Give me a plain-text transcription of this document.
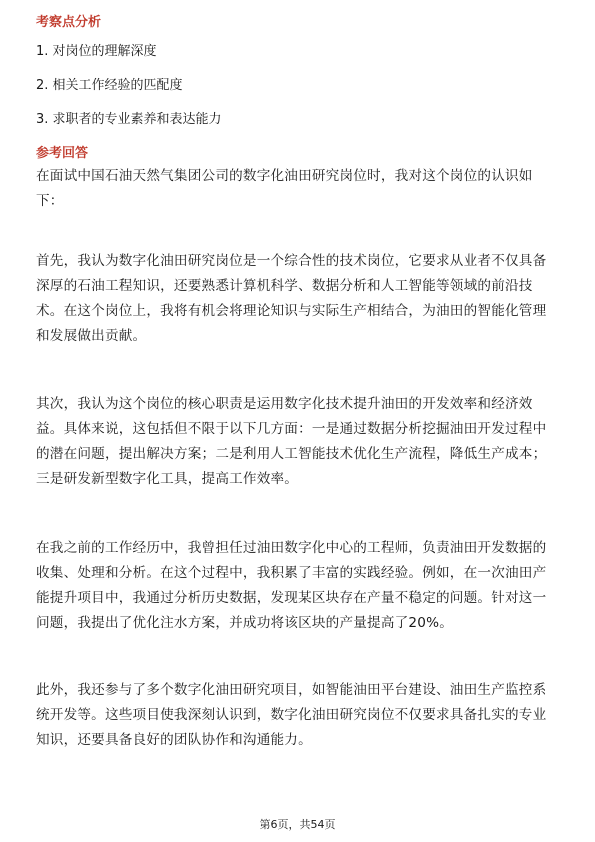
考察点分析
1. 对岗位的理解深度
2. 相关工作经验的匹配度
3. 求职者的专业素养和表达能力
参考回答
在面试中国石油天然气集团公司的数字化油田研究岗位时，我对这个岗位的认识如下：
首先，我认为数字化油田研究岗位是一个综合性的技术岗位，它要求从业者不仅具备深厚的石油工程知识，还要熟悉计算机科学、数据分析和人工智能等领域的前沿技术。在这个岗位上，我将有机会将理论知识与实际生产相结合，为油田的智能化管理和发展做出贡献。
其次，我认为这个岗位的核心职责是运用数字化技术提升油田的开发效率和经济效益。具体来说，这包括但不限于以下几方面：一是通过数据分析挖掘油田开发过程中的潜在问题，提出解决方案；二是利用人工智能技术优化生产流程，降低生产成本；三是研发新型数字化工具，提高工作效率。
在我之前的工作经历中，我曾担任过油田数字化中心的工程师，负责油田开发数据的收集、处理和分析。在这个过程中，我积累了丰富的实践经验。例如，在一次油田产能提升项目中，我通过分析历史数据，发现某区块存在产量不稳定的问题。针对这一问题，我提出了优化注水方案，并成功将该区块的产量提高了20%。
此外，我还参与了多个数字化油田研究项目，如智能油田平台建设、油田生产监控系统开发等。这些项目使我深刻认识到，数字化油田研究岗位不仅要求具备扎实的专业知识，还要具备良好的团队协作和沟通能力。
第6页，共54页
